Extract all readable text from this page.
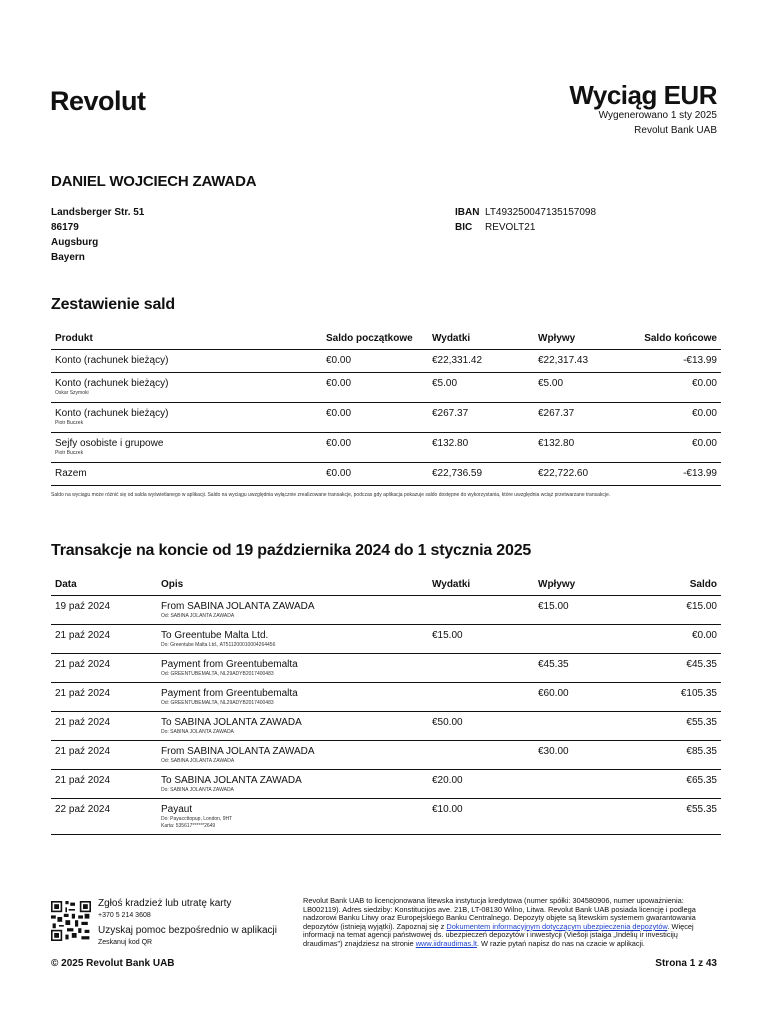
Revolut	Wyciąg EUR
Wygenerowano 1 sty 2025
Revolut Bank UAB
DANIEL WOJCIECH ZAWADA
Landsberger Str. 51
86179
Augsburg
Bayern
IBAN LT493250047135157098
BIC REVOLT21
Zestawienie sald
Produkt	Saldo początkowe	Wydatki	Wpływy	Saldo końcowe
Konto (rachunek bieżący)	€0.00	€22,331.42	€22,317.43	-€13.99
Konto (rachunek bieżący)
Oskar Szymoki	€0.00	€5.00	€5.00	€0.00
Konto (rachunek bieżący)
Piotr Buczek	€0.00	€267.37	€267.37	€0.00
Sejfy osobiste i grupowe
Piotr Buczek	€0.00	€132.80	€132.80	€0.00
Razem	€0.00	€22,736.59	€22,722.60	-€13.99
Saldo na wyciągu może różnić się od salda wyświetlanego w aplikacji. Saldo na wyciągu uwzględnia wyłącznie zrealizowane transakcje, podczas gdy aplikacja pokazuje saldo dostępne do wykorzystania, które uwzględnia wciąż przetwarzane transakcje.
Transakcje na koncie od 19 października 2024 do 1 stycznia 2025
Data	Opis	Wydatki	Wpływy	Saldo
19 paź 2024	From SABINA JOLANTA ZAWADA
Od: SABINA JOLANTA ZAWADA		€15.00	€15.00
21 paź 2024	To Greentube Malta Ltd.
Do: Greentube Malta Ltd., AT511200010004264456	€15.00		€0.00
21 paź 2024	Payment from Greentubemalta
Od: GREENTUBEMALTA, NL29ADYB2017400483		€45.35	€45.35
21 paź 2024	Payment from Greentubemalta
Od: GREENTUBEMALTA, NL29ADYB2017400483		€60.00	€105.35
21 paź 2024	To SABINA JOLANTA ZAWADA
Do: SABINA JOLANTA ZAWADA	€50.00		€55.35
21 paź 2024	From SABINA JOLANTA ZAWADA
Od: SABINA JOLANTA ZAWADA		€30.00	€85.35
21 paź 2024	To SABINA JOLANTA ZAWADA
Do: SABINA JOLANTA ZAWADA	€20.00		€65.35
22 paź 2024	Payaut
Do: Payaccttopup, London, 9HT
Karta: 535617******2649	€10.00		€55.35
Zgłoś kradzież lub utratę karty
+370 5 214 3608
Uzyskaj pomoc bezpośrednio w aplikacji
Zeskanuj kod QR
Revolut Bank UAB to licencjonowana litewska instytucja kredytowa (numer spółki: 304580906, numer upoważnienia: LB002119). Adres siedziby: Konstitucijos ave. 21B, LT-08130 Wilno, Litwa. Revolut Bank UAB posiada licencję i podlega nadzorowi Banku Litwy oraz Europejskiego Banku Centralnego. Depozyty objęte są litewskim systemem gwarantowania depozytów (istnieją wyjątki). Zapoznaj się z Dokumentem informacyjnym dotyczącym ubezpieczenia depozytów. Więcej informacji na temat agencji państwowej ds. ubezpieczeń depozytów i inwestycji (Viešoji įstaiga „Indėlių ir investicijų draudimas") znajdziesz na stronie www.iidraudimas.lt. W razie pytań napisz do nas na czacie w aplikacji.
© 2025 Revolut Bank UAB	Strona 1 z 43
